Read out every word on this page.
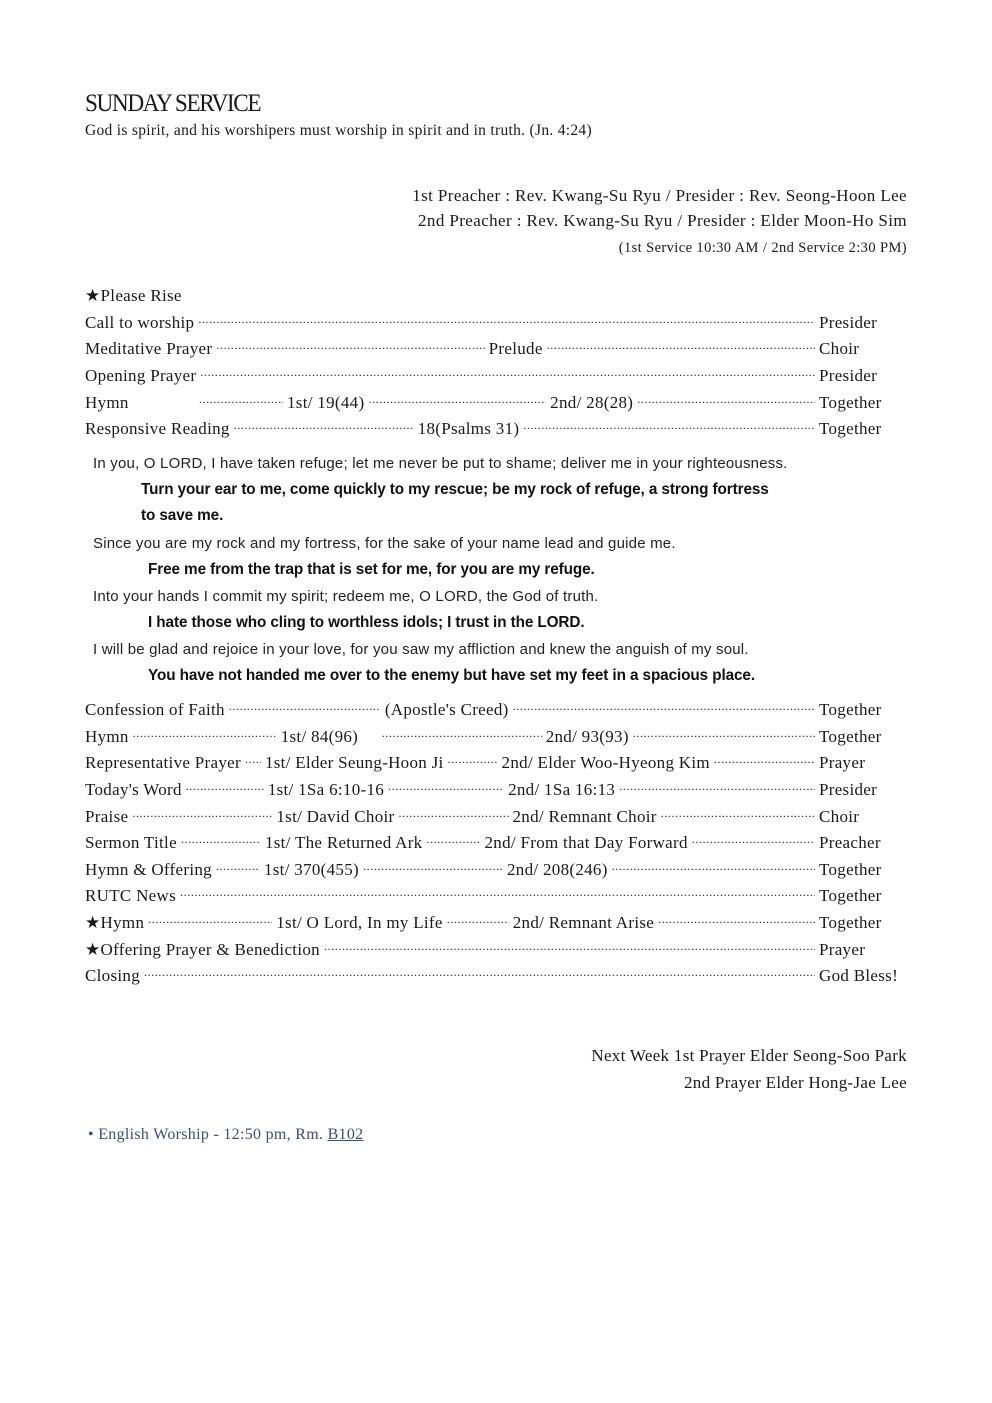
SUNDAY SERVICE
God is spirit, and his worshipers must worship in spirit and in truth. (Jn. 4:24)
1st Preacher : Rev. Kwang-Su Ryu / Presider : Rev. Seong-Hoon Lee
2nd Preacher : Rev. Kwang-Su Ryu / Presider : Elder Moon-Ho Sim
(1st Service 10:30 AM / 2nd Service 2:30 PM)
★Please Rise
Call to worship .....	Presider
Meditative Prayer .....	Prelude .....	Choir
Opening Prayer .....	Presider
Hymn .....	1st/ 19(44) .....	2nd/ 28(28) .....	Together
Responsive Reading .....	18(Psalms 31) .....	Together
In you, O LORD, I have taken refuge; let me never be put to shame; deliver me in your righteousness.
Turn your ear to me, come quickly to my rescue; be my rock of refuge, a strong fortress
to save me.
Since you are my rock and my fortress, for the sake of your name lead and guide me.
Free me from the trap that is set for me, for you are my refuge.
Into your hands I commit my spirit; redeem me, O LORD, the God of truth.
I hate those who cling to worthless idols; I trust in the LORD.
I will be glad and rejoice in your love, for you saw my affliction and knew the anguish of my soul.
You have not handed me over to the enemy but have set my feet in a spacious place.
Confession of Faith .....	(Apostle's Creed) .....	Together
Hymn .....	1st/ 84(96) .....	2nd/ 93(93) .....	Together
Representative Prayer ..... 1st/ Elder Seung-Hoon Ji .....	2nd/ Elder Woo-Hyeong Kim .....	Prayer
Today's Word .....	1st/ 1Sa 6:10-16 .....	2nd/ 1Sa 16:13 .....	Presider
Praise .....	1st/ David Choir .....	2nd/ Remnant Choir .....	Choir
Sermon Title .....	1st/ The Returned Ark .....	2nd/ From that Day Forward .....	Preacher
Hymn & Offering .....	1st/ 370(455) .....	2nd/ 208(246) .....	Together
RUTC News .....	Together
★Hymn .....	1st/ O Lord, In my Life .....	2nd/ Remnant Arise .....	Together
★Offering Prayer & Benediction .....	Prayer
Closing .....	God Bless!
Next Week 1st Prayer Elder Seong-Soo Park
2nd Prayer Elder Hong-Jae Lee
• English Worship - 12:50 pm, Rm. B102
